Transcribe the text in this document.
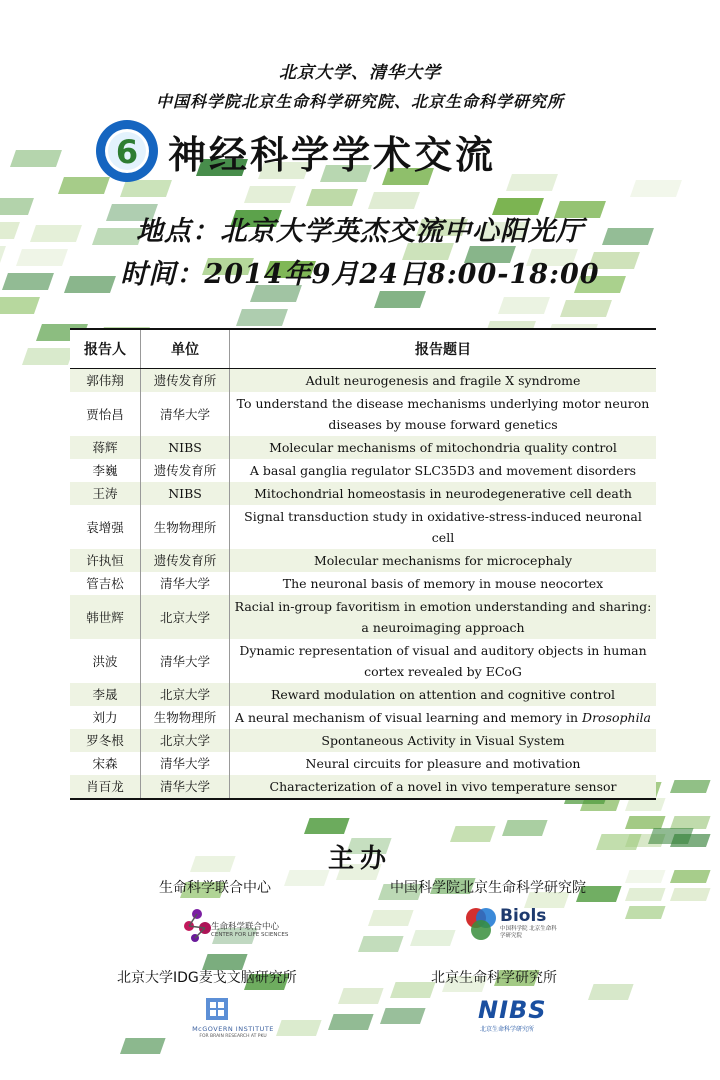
北京大学、清华大学
中国科学院北京生命科学研究院、北京生命科学研究所
6 神经科学学术交流
地点：北京大学英杰交流中心阳光厅
时间：2014年9月24日8:00-18:00
报告人	单位	报告题目
郭伟翔	遗传发育所	Adult neurogenesis and fragile X syndrome
贾怡昌	清华大学	To understand the disease mechanisms underlying motor neuron diseases by mouse forward genetics
蒋辉	NIBS	Molecular mechanisms of mitochondria quality control
李巍	遗传发育所	A basal ganglia regulator SLC35D3 and movement disorders
王涛	NIBS	Mitochondrial homeostasis in neurodegenerative cell death
袁增强	生物物理所	Signal transduction study in oxidative-stress-induced neuronal cell
许执恒	遗传发育所	Molecular mechanisms for microcephaly
管吉松	清华大学	The neuronal basis of memory in mouse neocortex
韩世辉	北京大学	Racial in-group favoritism in emotion understanding and sharing: a neuroimaging approach
洪波	清华大学	Dynamic representation of visual and auditory objects in human cortex revealed by ECoG
李晟	北京大学	Reward modulation on attention and cognitive control
刘力	生物物理所	A neural mechanism of visual learning and memory in Drosophila
罗冬根	北京大学	Spontaneous Activity in Visual System
宋森	清华大学	Neural circuits for pleasure and motivation
肖百龙	清华大学	Characterization of a novel in vivo temperature sensor
主办
生命科学联合中心	中国科学院北京生命科学研究院
北京大学IDG麦戈文脑研究所	北京生命科学研究所
生命科学联合中心
CENTER FOR LIFE SCIENCES
Biols
中国科学院 北京生命科学研究院
McGOVERN INSTITUTE
FOR BRAIN RESEARCH AT PKU
NIBS
北京生命科学研究所
